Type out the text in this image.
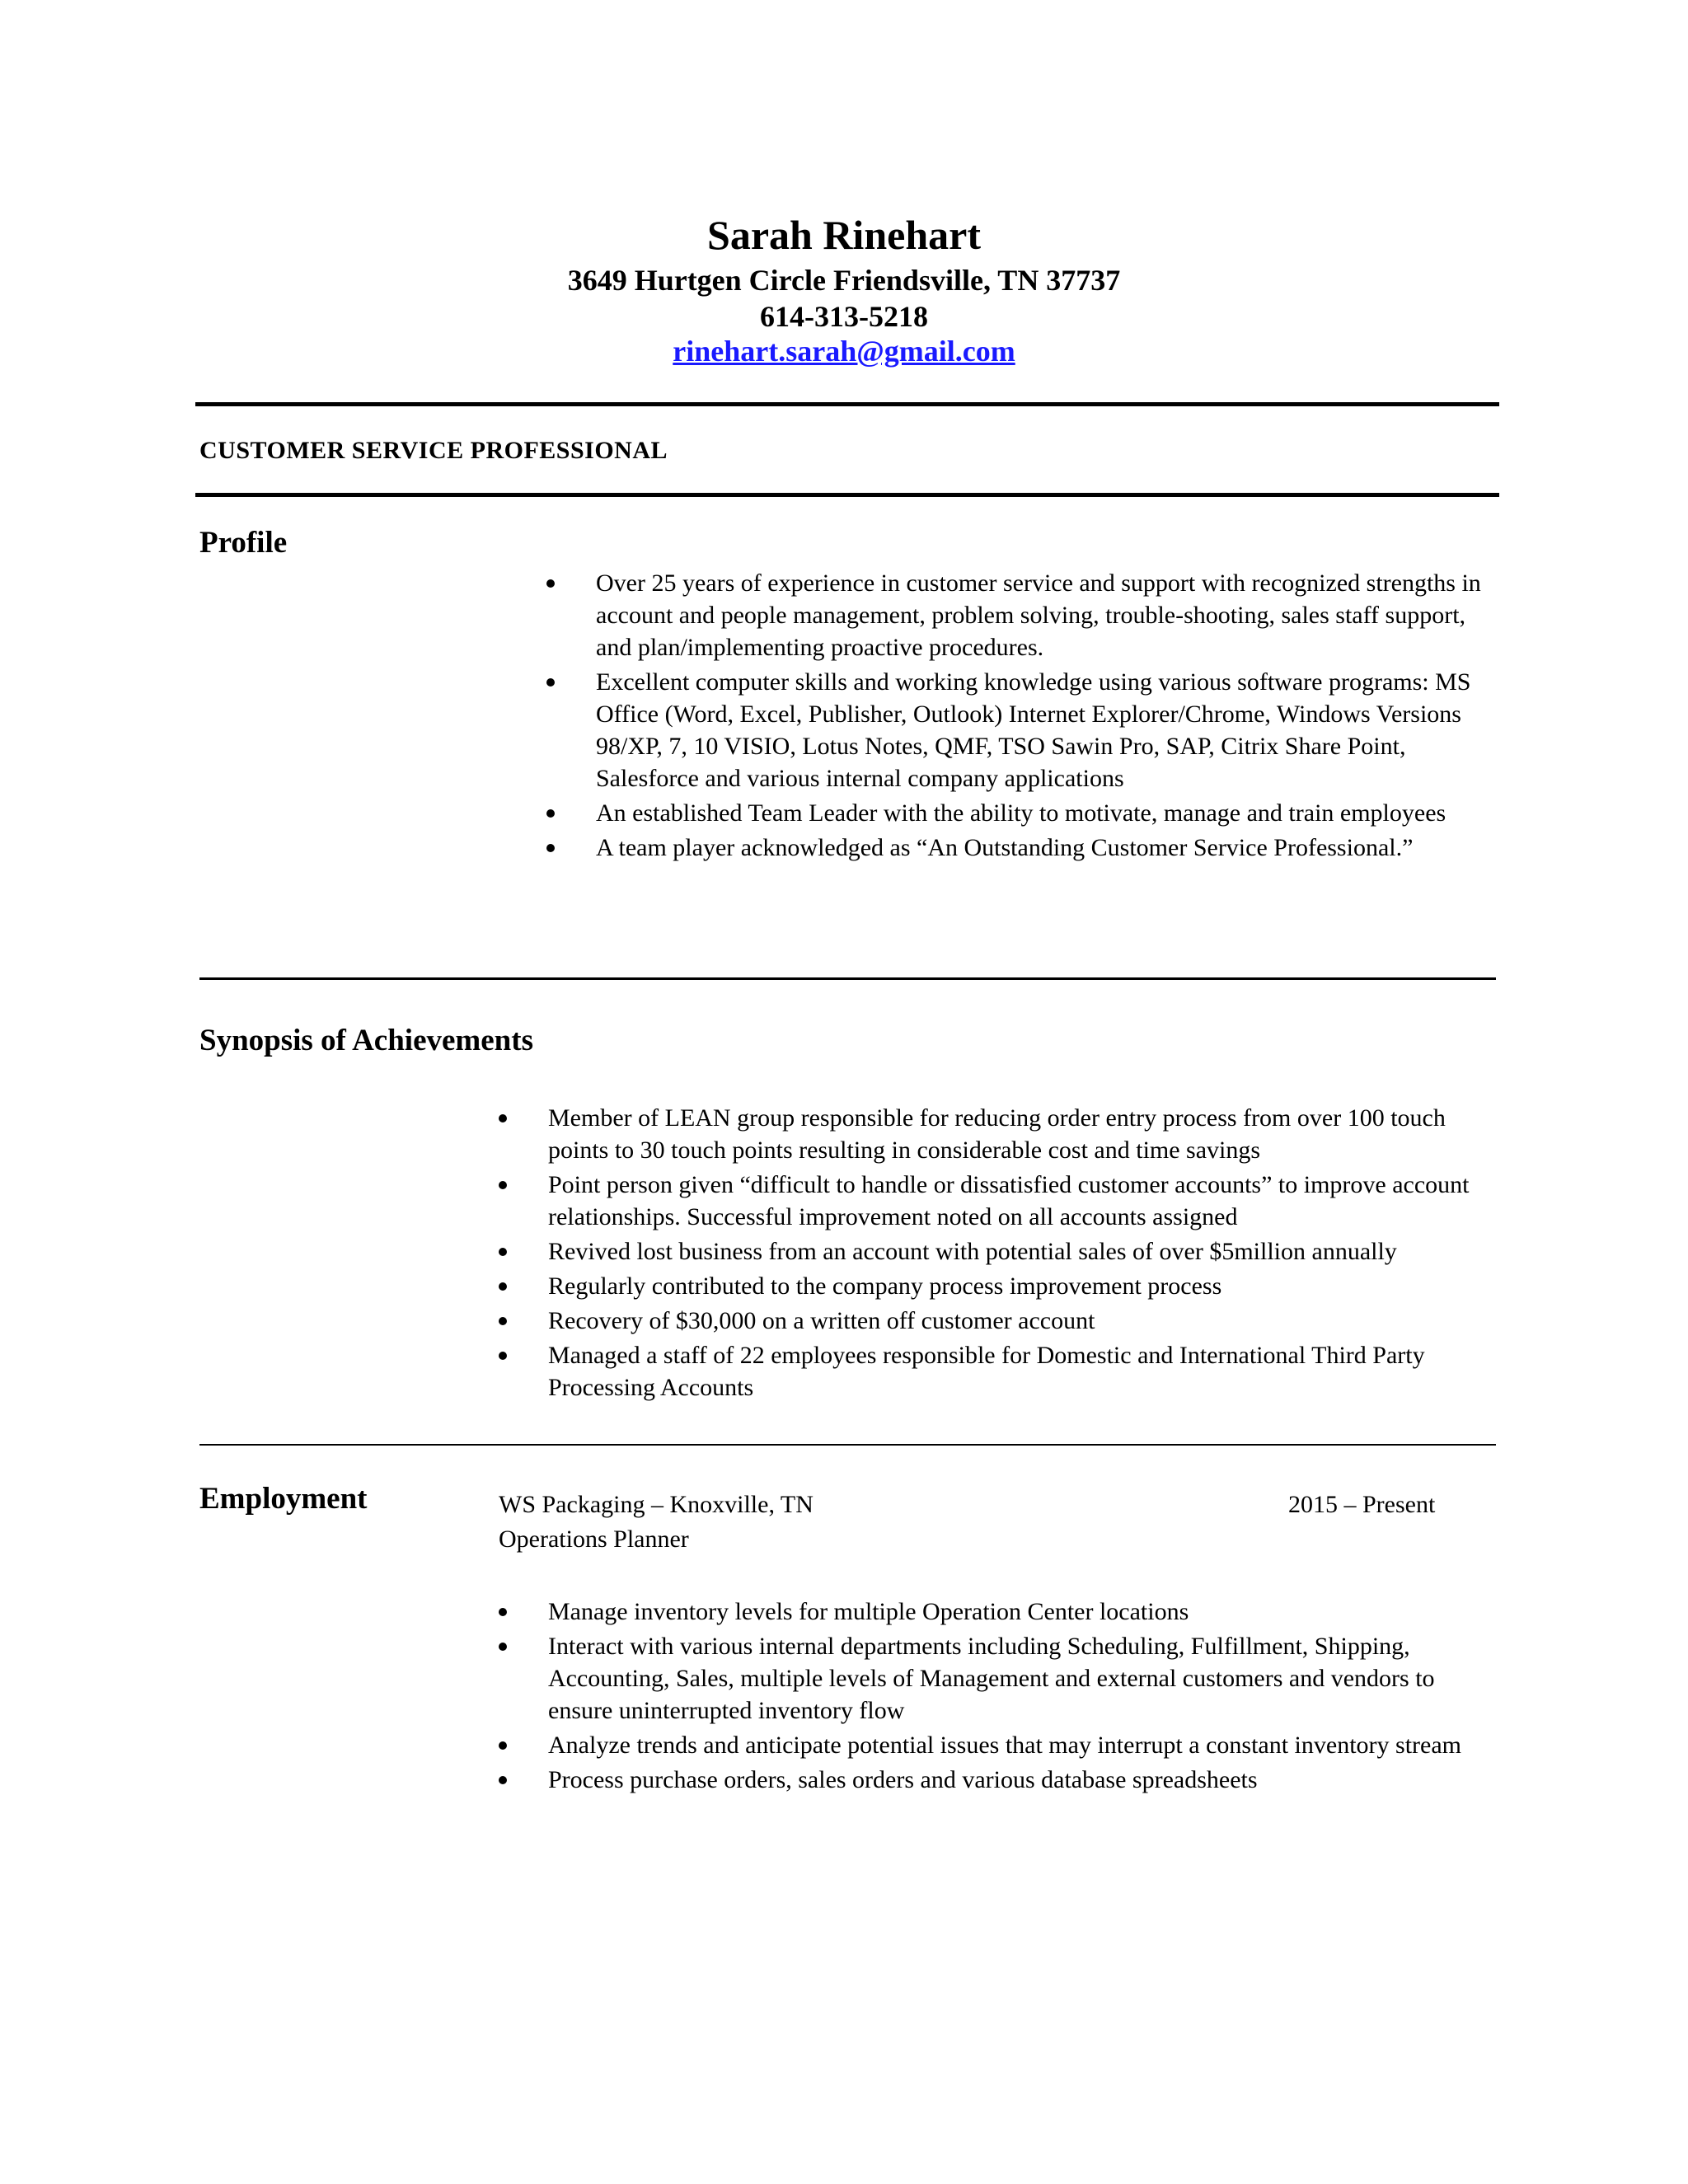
Sarah Rinehart
3649 Hurtgen Circle Friendsville, TN 37737
614-313-5218
rinehart.sarah@gmail.com
CUSTOMER SERVICE PROFESSIONAL
Profile
Over 25 years of experience in customer service and support with recognized strengths in account and people management, problem solving, trouble-shooting, sales staff support, and plan/implementing proactive procedures.
Excellent computer skills and working knowledge using various software programs: MS Office (Word, Excel, Publisher, Outlook) Internet Explorer/Chrome, Windows Versions 98/XP, 7, 10 VISIO, Lotus Notes, QMF, TSO Sawin Pro, SAP, Citrix Share Point, Salesforce and various internal company applications
An established Team Leader with the ability to motivate, manage and train employees
A team player acknowledged as “An Outstanding Customer Service Professional.”
Synopsis of Achievements
Member of LEAN group responsible for reducing order entry process from over 100 touch points to 30 touch points resulting in considerable cost and time savings
Point person given “difficult to handle or dissatisfied customer accounts” to improve account relationships. Successful improvement noted on all accounts assigned
Revived lost business from an account with potential sales of over $5million annually
Regularly contributed to the company process improvement process
Recovery of $30,000 on a written off customer account
Managed a staff of 22 employees responsible for Domestic and International Third Party Processing Accounts
Employment	WS Packaging – Knoxville, TN	2015 – Present
Operations Planner
Manage inventory levels for multiple Operation Center locations
Interact with various internal departments including Scheduling, Fulfillment, Shipping, Accounting, Sales, multiple levels of Management and external customers and vendors to ensure uninterrupted inventory flow
Analyze trends and anticipate potential issues that may interrupt a constant inventory stream
Process purchase orders, sales orders and various database spreadsheets
